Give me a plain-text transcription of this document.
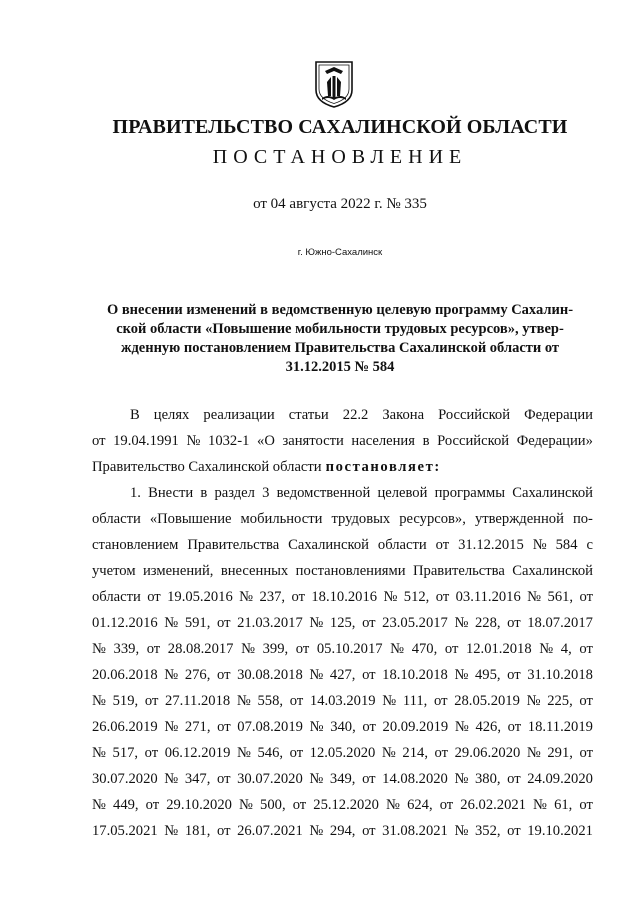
ПРАВИТЕЛЬСТВО САХАЛИНСКОЙ ОБЛАСТИ
ПОСТАНОВЛЕНИЕ
от 04 августа 2022 г. № 335
г. Южно-Сахалинск
О внесении изменений в ведомственную целевую программу Сахалин-
ской области «Повышение мобильности трудовых ресурсов», утвер-
жденную постановлением Правительства Сахалинской области от
31.12.2015 № 584
В целях реализации статьи 22.2 Закона Российской Федерации
от 19.04.1991 № 1032-1 «О занятости населения в Российской Федерации»
Правительство Сахалинской области постановляет:
1. Внести в раздел 3 ведомственной целевой программы Сахалинской
области «Повышение мобильности трудовых ресурсов», утвержденной по-
становлением Правительства Сахалинской области от 31.12.2015 № 584 с
учетом изменений, внесенных постановлениями Правительства Сахалинской
области от 19.05.2016 № 237, от 18.10.2016 № 512, от 03.11.2016 № 561, от
01.12.2016 № 591, от 21.03.2017 № 125, от 23.05.2017 № 228, от 18.07.2017
№ 339, от 28.08.2017 № 399, от 05.10.2017 № 470, от 12.01.2018 № 4, от
20.06.2018 № 276, от 30.08.2018 № 427, от 18.10.2018 № 495, от 31.10.2018
№ 519, от 27.11.2018 № 558, от 14.03.2019 № 111, от 28.05.2019 № 225, от
26.06.2019 № 271, от 07.08.2019 № 340, от 20.09.2019 № 426, от 18.11.2019
№ 517, от 06.12.2019 № 546, от 12.05.2020 № 214, от 29.06.2020 № 291, от
30.07.2020 № 347, от 30.07.2020 № 349, от 14.08.2020 № 380, от 24.09.2020
№ 449, от 29.10.2020 № 500, от 25.12.2020 № 624, от 26.02.2021 № 61, от
17.05.2021 № 181, от 26.07.2021 № 294, от 31.08.2021 № 352, от 19.10.2021
